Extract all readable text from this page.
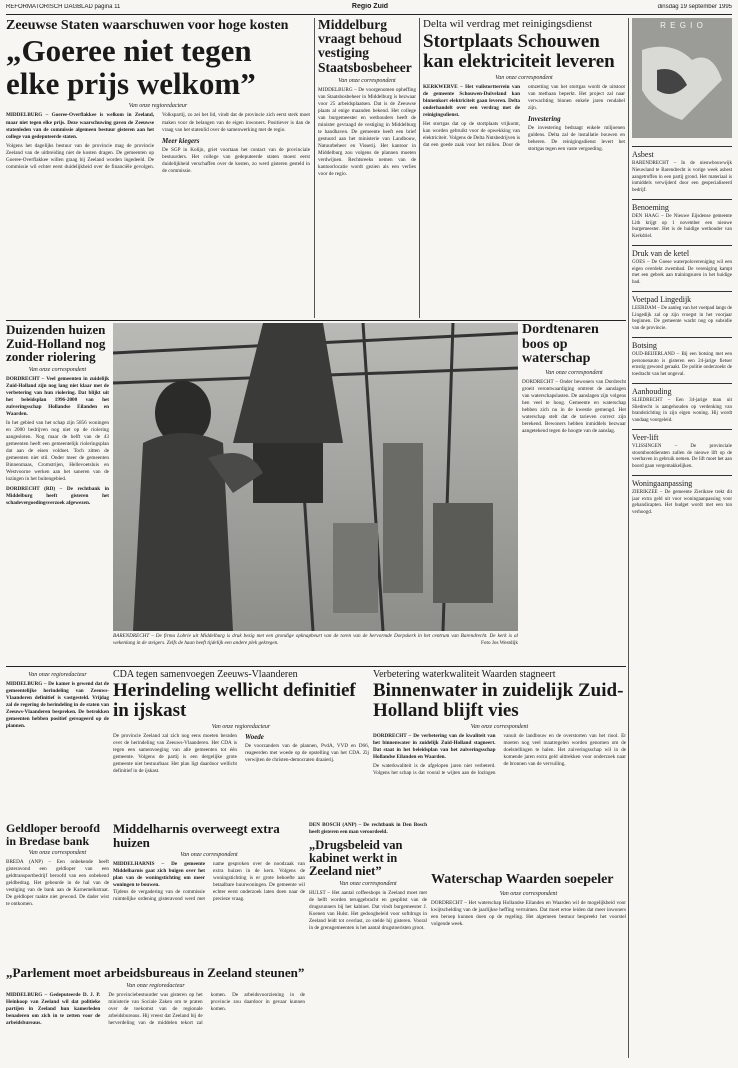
REFORMATORISCH DAGBLAD pagina 11	Regio Zuid	dinsdag 19 september 1995
Zeeuwse Staten waarschuwen voor hoge kosten
„Goeree niet tegen elke prijs welkom”
Van onze regioredacteur

MIDDELBURG – Goeree-Overflakkee is welkom in Zeeland, maar niet tegen elke prijs. Deze waarschuwing gaven de Zeeuwse statenleden van de commissie algemeen bestuur gisteren aan het college van gedeputeerde staten.

Volgens het dagelijks bestuur van de provincie mag de provincie Zeeland van de uitbreiding niet de kosten dragen. De gemeenten op Goeree-Overflakkee willen graag bij Zeeland worden ingedeeld. De commissie wil echter eerst duidelijkheid over de financiële gevolgen. Volkspartij, zo zei het lid, vindt dat de provincie zich eerst sterk moet maken voor de belangen van de eigen inwoners. Positiever is dan de vraag van het statenlid over de samenwerking met de regio.

Meer kiegers

De SGP in Kolijn, griet voortaan het contact van de provinciale bestuurders. Het college van gedeputeerde staten moest eerst duidelijkheid verschaffen over de kosten, zo werd gisteren gesteld in de commissie.

Middelburg vraagt behoud vestiging Staatsbosbeheer
Van onze correspondent

MIDDELBURG – De voorgenomen opheffing van Staatsbosbeheer in Middelburg is bezwaar voor 25 arbeidsplaatsen. Dat is de Zeeuwse plaats al enige maanden bekend. Het college van burgemeester en wethouders heeft de minister gevraagd de vestiging in Middelburg te handhaven. De gemeente heeft een brief gestuurd aan het ministerie van Landbouw, Natuurbeheer en Visserij. Het kantoor in Middelburg zou volgens de plannen moeten verdwijnen. Rechtsreeks nemen van de kantoorlocatie wordt gezien als een verlies voor de regio.

Delta wil verdrag met reinigingsdienst
Stortplaats Schouwen kan elektriciteit leveren
Van onze correspondent

KERKWERVE – Het vuilstortterrein van de gemeente Schouwen-Duiveland kan binnenkort elektriciteit gaan leveren. Delta onderhandelt over een verdrag met de reinigingsdienst.

Het stortgas dat op de stortplaats vrijkomt, kan worden gebruikt voor de opwekking van elektriciteit. Volgens de Delta Nutsbedrijven is dat een goede zaak voor het milieu. Door de omzetting van het stortgas wordt de uitstoot van methaan beperkt. Het project zal naar verwachting binnen enkele jaren rendabel zijn.

Investering

De investering bedraagt enkele miljoenen guldens. Delta zal de installatie bouwen en beheren. De reinigingsdienst levert het stortgas tegen een vaste vergoeding.

Duizenden huizen Zuid-Holland nog zonder riolering
Van onze correspondent

DORDRECHT – Veel gemeenten in zuidelijk Zuid-Holland zijn nog lang niet klaar met de verbetering van hun riolering. Dat blijkt uit het beleidsplan 1996-2000 van het zuiveringsschap Hollandse Eilanden en Waarden.

In het gebied van het schap zijn 5856 woningen en 2000 bedrijven nog niet op de riolering aangesloten. Nog maar de helft van de 43 gemeenten heeft een gemeentelijk rioleringsplan dat aan de eisen voldoet. Toch zitten de gemeenten niet stil. Onder meer de gemeenten Binnenmaas, Cromstrijen, Hellevoetsluis en Westvoorne werken aan het saneren van de lozingen in het buitengebied.

DORDRECHT (RD) – De rechtbank in Middelburg heeft gisteren het schadevergoedingsverzoek afgewezen.

BARENDRECHT – De firma Lobrie uit Middelburg is druk bezig met een grondige opknapbeurt van de toren van de hervormde Dorpskerk in het centrum van Barendrecht. De kerk is al wekenlang in de steigers. Zelfs de haan heeft tijdelijk een andere plek gekregen.	Foto Jos Westdijk
Dordtenaren boos op waterschap
Van onze correspondent

DORDRECHT – Onder bewoners van Dordrecht groeit verontwaardiging omtrent de aanslagen van waterschapslasten. De aanslagen zijn volgens hen veel te hoog. Gemeente en waterschap hebben zich nu in de kwestie gemengd. Het waterschap stelt dat de tarieven correct zijn berekend. Bewoners hebben inmiddels bezwaar aangetekend tegen de hoogte van de aanslag.

Van onze regioredacteur

MIDDELBURG – De kamer is gewend dat de gemeentelijke herindeling van Zeeuws-Vlaanderen definitief is vastgesteld. Vrijdag zal de regering de herindeling in de staten van Zeeuws-Vlaanderen bespreken. De betrokken gemeenten hebben positief gereageerd op de plannen.

CDA tegen samenvoegen Zeeuws-Vlaanderen
Herindeling wellicht definitief in ijskast
Van onze regioredacteur

De provincie Zeeland zal zich nog eens moeten beraden over de herindeling van Zeeuws-Vlaanderen. Het CDA is tegen een samenvoeging van alle gemeenten tot één gemeente. Volgens de partij is een dergelijke grote gemeente niet bestuurbaar. Het plan ligt daardoor wellicht definitief in de ijskast.

Woede

De voorzanders van de plannen, PvdA, VVD en D66, reageerden met woede op de opstelling van het CDA. Zij verwijten de christen-democraten draaierij.

Verbetering waterkwaliteit Waarden stagneert
Binnenwater in zuidelijk Zuid-Holland blijft vies
Van onze correspondent

DORDRECHT – De verbetering van de kwaliteit van het binnenwater in zuidelijk Zuid-Holland stagneert. Dat staat in het beleidsplan van het zuiveringsschap Hollandse Eilanden en Waarden.

De waterkwaliteit is de afgelopen jaren niet verbeterd. Volgens het schap is dat vooral te wijten aan de lozingen vanuit de landbouw en de overstorten van het riool. Er moeten nog veel maatregelen worden genomen om de doelstellingen te halen. Het zuiveringsschap wil in de komende jaren extra geld uittrekken voor onderzoek naar de bronnen van de vervuiling.

Geldloper beroofd in Bredase bank
Van onze correspondent

BREDA (ANP) – Een onbekende heeft gisteravond een geldloper van een geldtransportbedrijf beroofd van een onbekend geldbedrag. Het gebeurde in de hal van de vestiging van de bank aan de Karnemelkstraat. De geldloper raakte niet gewond. De dader wist te ontkomen.

Middelharnis overweegt extra huizen
Van onze correspondent

MIDDELHARNIS – De gemeente Middelharnis gaat zich buigen over het plan van de woningstichting om meer woningen te bouwen.

Tijdens de vergadering van de commissie ruimtelijke ordening gisteravond werd met name gesproken over de noodzaak van extra huizen in de kern. Volgens de woningstichting is er grote behoefte aan betaalbare huurwoningen. De gemeente wil echter eerst onderzoek laten doen naar de precieze vraag.

DEN BOSCH (ANP) – De rechtbank in Den Bosch heeft gisteren een man veroordeeld.

„Drugsbeleid van kabinet werkt in Zeeland niet”
Van onze correspondent

HULST – Het aantal coffeeshops in Zeeland moet met de helft worden teruggebracht en gesplitst van de drugsrunners bij het kabinet. Dat vindt burgemeester J. Koenen van Hulst. Het gedoogbeleid voor softdrugs in Zeeland leidt tot overlast, zo stelde hij gisteren. Vooral in de grensgemeenten is het aantal drugstoeristen groot.

Waterschap Waarden soepeler
Van onze correspondent

DORDRECHT – Het waterschap Hollandse Eilanden en Waarden wil de mogelijkheid voor kwijtschelding van de jaarlijkse heffing verruimen. Dat moet ertoe leiden dat meer inwoners een beroep kunnen doen op de regeling. Het algemeen bestuur bespreekt het voorstel volgende week.

„Parlement moet arbeidsbureaus in Zeeland steunen”
Van onze regioredacteur

MIDDELBURG – Gedeputeerde D. J. P. Heinkoop van Zeeland wil dat politieke partijen in Zeeland hun kamerleden benaderen om zich in te zetten voor de arbeidsbureaus.

De provinciebestuurder was gisteren op het ministerie van Sociale Zaken om te praten over de toekomst van de regionale arbeidsbureaus. Hij vreest dat Zeeland bij de herverdeling van de middelen tekort zal komen. De arbeidsvoorziening in de provincie zou daardoor in gevaar kunnen komen.

R E G I O
Asbest

BARENDRECHT – In de nieuwbouwwijk Nieuwland te Barendrecht is vorige week asbest aangetroffen in een partij grond. Het materiaal is inmiddels verwijderd door een gespecialiseerd bedrijf.

Benoeming

DEN HAAG – De Nieuwe Eijsdense gemeente Lith krijgt op 1 november een nieuwe burgemeester. Het is de huidige wethouder van Kerkdriel.

Druk van de ketel

GOES – De Goese waterpolovereniging wil een eigen overdekt zwembad. De vereniging kampt met een gebrek aan trainingsuren in het huidige bad.

Voetpad Lingedijk

LEERDAM – De aanleg van het voetpad langs de Lingedijk zal op zijn vroegst in het voorjaar beginnen. De gemeente wacht nog op subsidie van de provincie.

Botsing

OUD-BEIJERLAND – Bij een botsing met een personenauto is gisteren een 24-jarige fietser ernstig gewond geraakt. De politie onderzoekt de toedracht van het ongeval.

Aanhouding

SLIEDRECHT – Een 34-jarige man uit Sliedrecht is aangehouden op verdenking van brandstichting in zijn eigen woning. Hij wordt vandaag voorgeleid.

Veer-lift

VLISSINGEN – De provinciale stoombootdiensten zullen de nieuwe lift op de veerhaven in gebruik nemen. De lift moet het aan boord gaan vergemakkelijken.

Woningaanpassing

ZIERIKZEE – De gemeente Zierikzee trekt dit jaar extra geld uit voor woningaanpassing voor gehandicapten. Het budget wordt met een ton verhoogd.
